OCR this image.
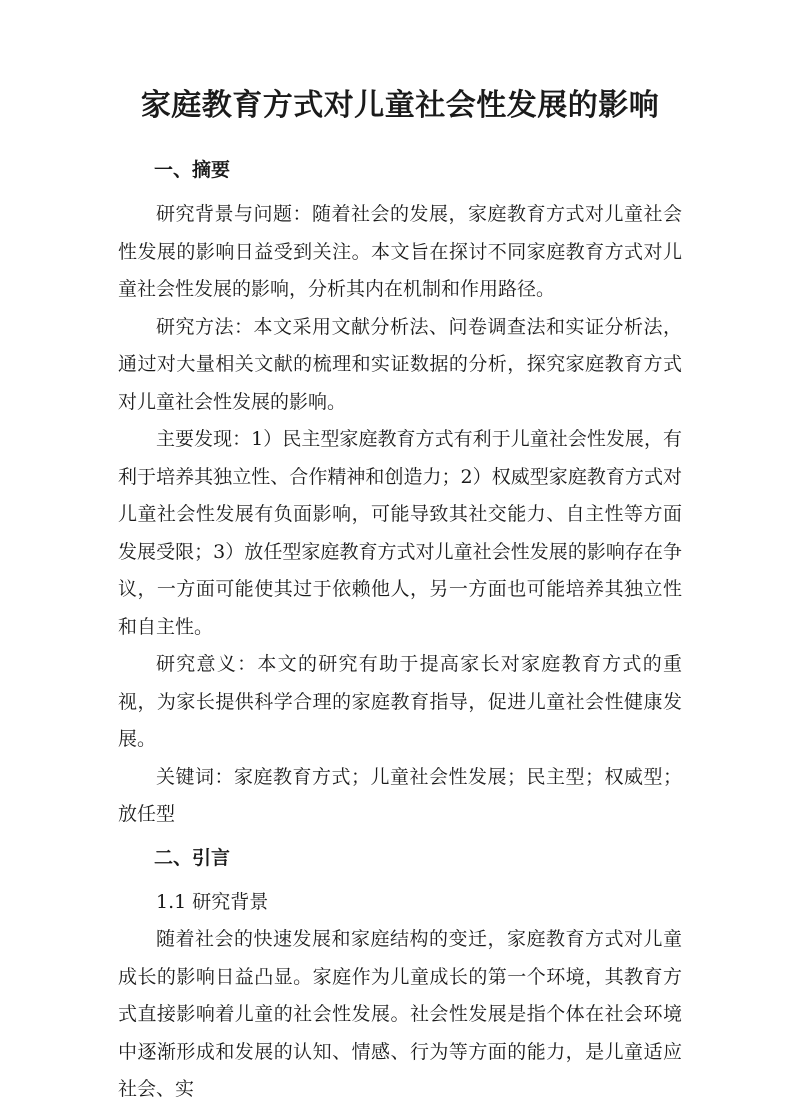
家庭教育方式对儿童社会性发展的影响
一、摘要

研究背景与问题：随着社会的发展，家庭教育方式对儿童社会性发展的影响日益受到关注。本文旨在探讨不同家庭教育方式对儿童社会性发展的影响，分析其内在机制和作用路径。

研究方法：本文采用文献分析法、问卷调查法和实证分析法，通过对大量相关文献的梳理和实证数据的分析，探究家庭教育方式对儿童社会性发展的影响。

主要发现：1）民主型家庭教育方式有利于儿童社会性发展，有利于培养其独立性、合作精神和创造力；2）权威型家庭教育方式对儿童社会性发展有负面影响，可能导致其社交能力、自主性等方面发展受限；3）放任型家庭教育方式对儿童社会性发展的影响存在争议，一方面可能使其过于依赖他人，另一方面也可能培养其独立性和自主性。

研究意义：本文的研究有助于提高家长对家庭教育方式的重视，为家长提供科学合理的家庭教育指导，促进儿童社会性健康发展。

关键词：家庭教育方式；儿童社会性发展；民主型；权威型；放任型

二、引言

1.1 研究背景

随着社会的快速发展和家庭结构的变迁，家庭教育方式对儿童成长的影响日益凸显。家庭作为儿童成长的第一个环境，其教育方式直接影响着儿童的社会性发展。社会性发展是指个体在社会环境中逐渐形成和发展的认知、情感、行为等方面的能力，是儿童适应社会、实
